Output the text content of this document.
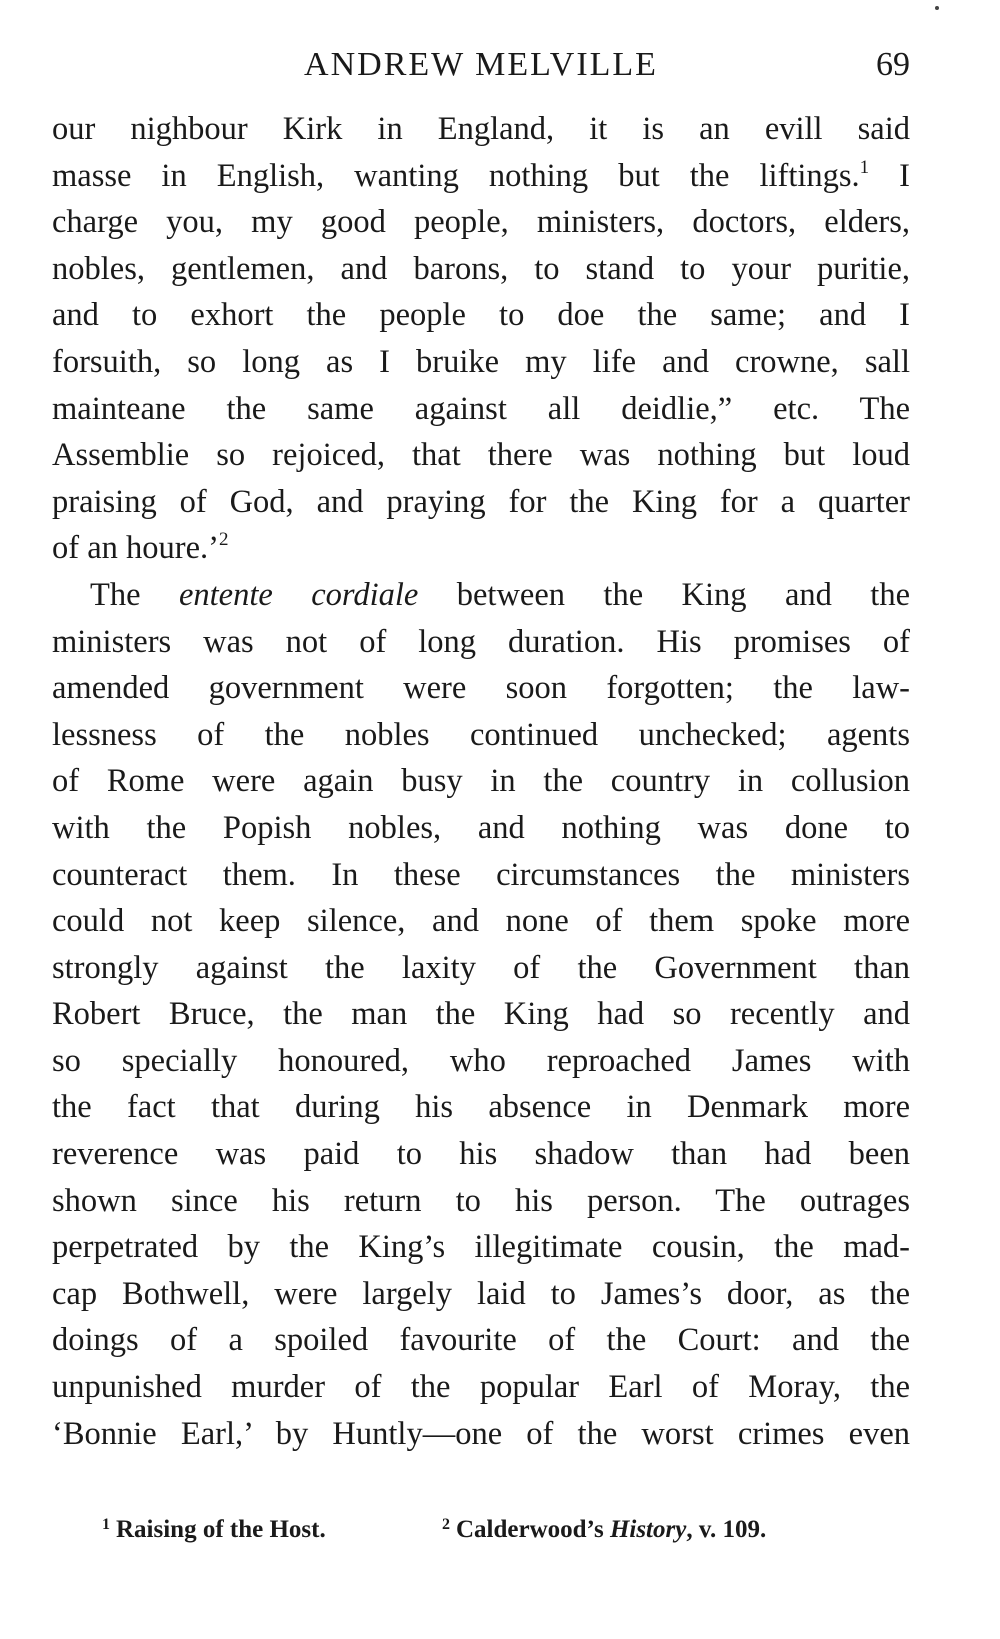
ANDREW MELVILLE	69
our nighbour Kirk in England, it is an evill said
masse in English, wanting nothing but the liftings.$^1$ I
charge you, my good people, ministers, doctors, elders,
nobles, gentlemen, and barons, to stand to your puritie,
and to exhort the people to doe the same; and I
forsuith, so long as I bruike my life and crowne, sall
mainteane the same against all deidlie,” etc. The
Assemblie so rejoiced, that there was nothing but loud
praising of God, and praying for the King for a quarter
of an houre.’$^2$
The entente cordiale between the King and the
ministers was not of long duration. His promises of
amended government were soon forgotten; the law-
lessness of the nobles continued unchecked; agents
of Rome were again busy in the country in collusion
with the Popish nobles, and nothing was done to
counteract them. In these circumstances the ministers
could not keep silence, and none of them spoke more
strongly against the laxity of the Government than
Robert Bruce, the man the King had so recently and
so specially honoured, who reproached James with
the fact that during his absence in Denmark more
reverence was paid to his shadow than had been
shown since his return to his person. The outrages
perpetrated by the King’s illegitimate cousin, the mad-
cap Bothwell, were largely laid to James’s door, as the
doings of a spoiled favourite of the Court: and the
unpunished murder of the popular Earl of Moray, the
‘Bonnie Earl,’ by Huntly—one of the worst crimes even
$^1$ Raising of the Host.	$^2$ Calderwood’s History, v. 109.
